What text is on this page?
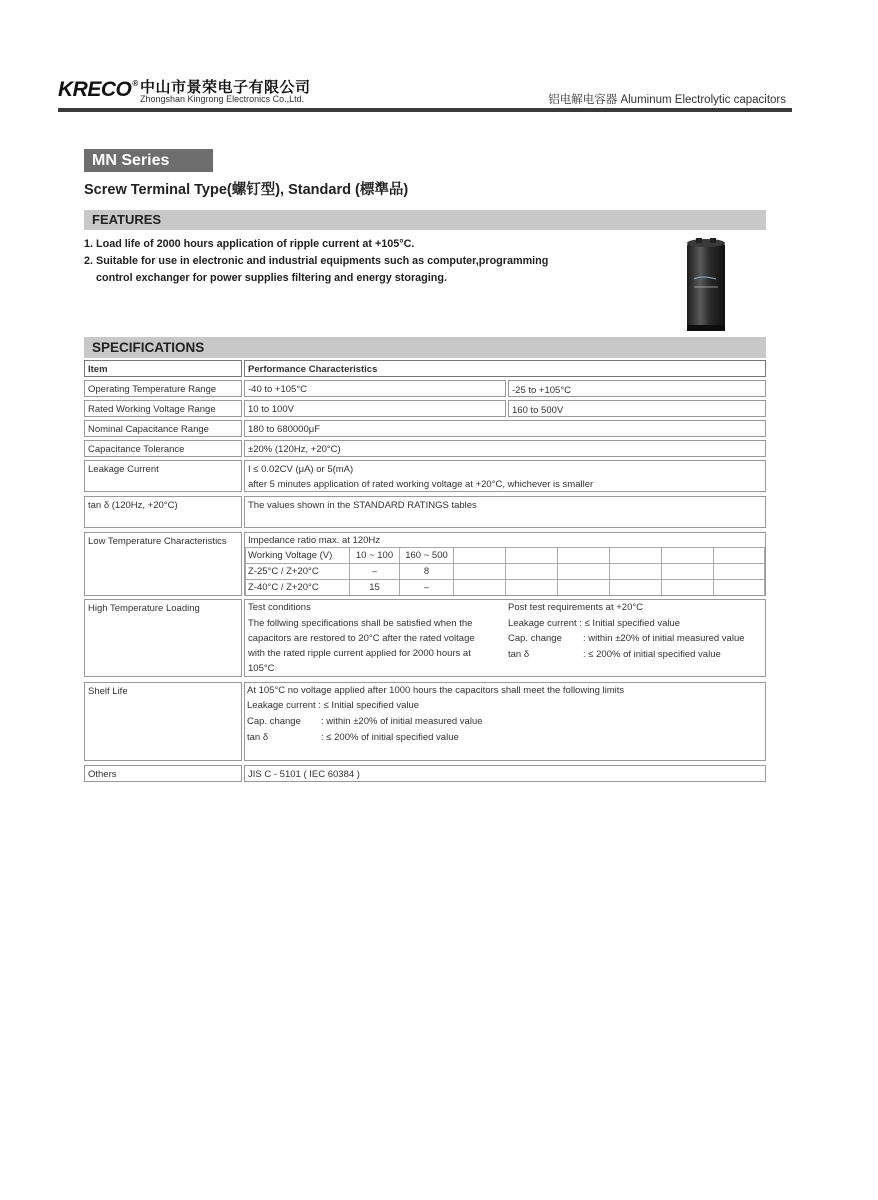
KRECO® 中山市景荣电子有限公司
Zhongshan Kingrong Electronics Co.,Ltd.	铝电解电容器 Aluminum Electrolytic capacitors
MN Series
Screw Terminal Type(螺钉型), Standard (標準品)
FEATURES
1. Load life of 2000 hours application of ripple current at +105°C.
2. Suitable for use in electronic and industrial equipments such as computer,programming
control exchanger for power supplies filtering and energy storaging.
SPECIFICATIONS
Item	Performance Characteristics
Operating Temperature Range	-40 to +105°C	-25 to +105°C
Rated Working Voltage Range	10 to 100V	160 to 500V
Nominal Capacitance Range	180 to 680000μF
Capacitance Tolerance	±20% (120Hz, +20°C)
Leakage Current	I ≤ 0.02CV (μA) or 5(mA)
after 5 minutes application of rated working voltage at +20°C, whichever is smaller
tan δ (120Hz, +20°C)	The values shown in the STANDARD RATINGS tables
Low Temperature Characteristics	Impedance ratio max. at 120Hz
Working Voltage (V)	10 ~ 100	160 ~ 500
Z-25°C / Z+20°C	–	8
Z-40°C / Z+20°C	15	–
High Temperature Loading	Test conditions
The follwing specifications shall be satisfied when the
capacitors are restored to 20°C after the rated voltage
with the rated ripple current applied for 2000 hours at
105°C
Post test requirements at +20°C
Leakage current : ≤ Initial specified value
Cap. change : within ±20% of initial measured value
tan δ	: ≤ 200% of initial specified value
Shelf Life	At 105°C no voltage applied after 1000 hours the capacitors shall meet the following limits
Leakage current : ≤ Initial specified value
Cap. change : within ±20% of initial measured value
tan δ	: ≤ 200% of initial specified value
Others	JIS C - 5101 ( IEC 60384 )
